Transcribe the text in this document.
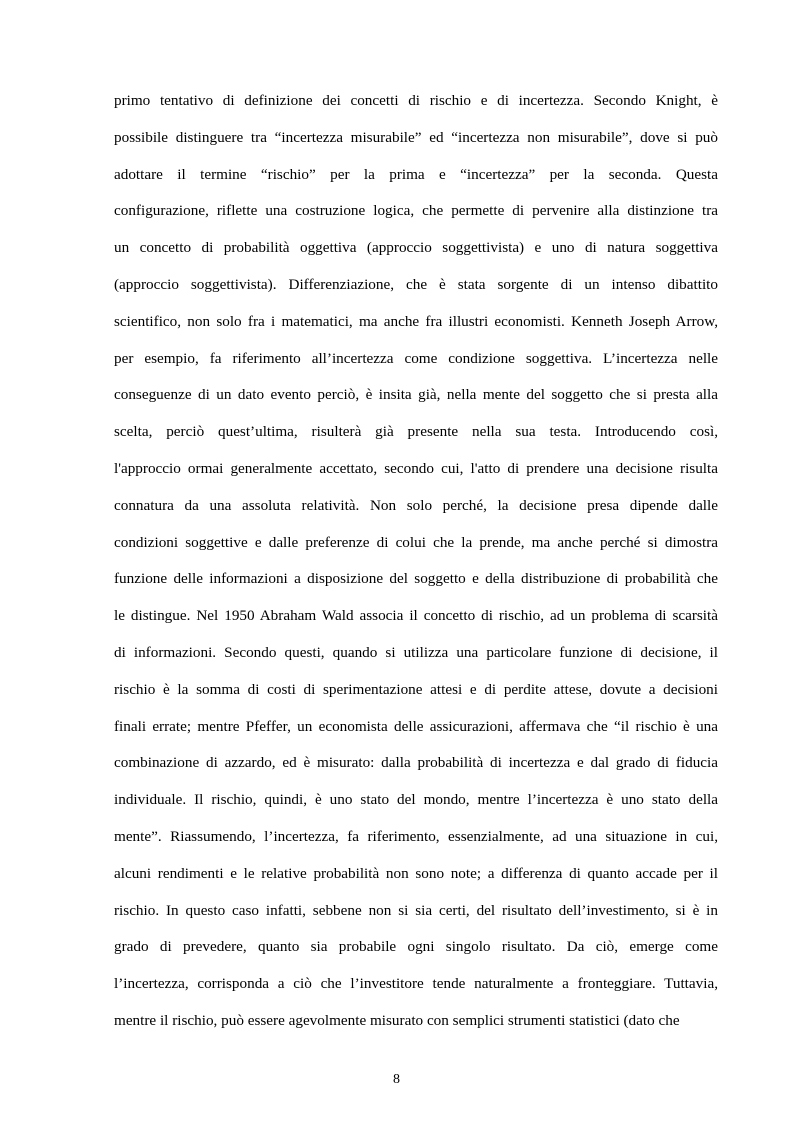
primo tentativo di definizione dei concetti di rischio e di incertezza. Secondo Knight, è
possibile distinguere tra “incertezza misurabile” ed “incertezza non misurabile”, dove si può
adottare il termine “rischio” per la prima e “incertezza” per la seconda. Questa
configurazione, riflette una costruzione logica, che permette di pervenire alla distinzione tra
un concetto di probabilità oggettiva (approccio soggettivista) e uno di natura soggettiva
(approccio soggettivista). Differenziazione, che è stata sorgente di un intenso dibattito
scientifico, non solo fra i matematici, ma anche fra illustri economisti. Kenneth Joseph Arrow,
per esempio, fa riferimento all’incertezza come condizione soggettiva. L’incertezza nelle
conseguenze di un dato evento perciò, è insita già, nella mente del soggetto che si presta alla
scelta, perciò quest’ultima, risulterà già presente nella sua testa. Introducendo così,
l'approccio ormai generalmente accettato, secondo cui, l'atto di prendere una decisione risulta
connatura da una assoluta relatività. Non solo perché, la decisione presa dipende dalle
condizioni soggettive e dalle preferenze di colui che la prende, ma anche perché si dimostra
funzione delle informazioni a disposizione del soggetto e della distribuzione di probabilità che
le distingue. Nel 1950 Abraham Wald associa il concetto di rischio, ad un problema di scarsità
di informazioni. Secondo questi, quando si utilizza una particolare funzione di decisione, il
rischio è la somma di costi di sperimentazione attesi e di perdite attese, dovute a decisioni
finali errate; mentre Pfeffer, un economista delle assicurazioni, affermava che “il rischio è una
combinazione di azzardo, ed è misurato: dalla probabilità di incertezza e dal grado di fiducia
individuale. Il rischio, quindi, è uno stato del mondo, mentre l’incertezza è uno stato della
mente”. Riassumendo, l’incertezza, fa riferimento, essenzialmente, ad una situazione in cui,
alcuni rendimenti e le relative probabilità non sono note; a differenza di quanto accade per il
rischio. In questo caso infatti, sebbene non si sia certi, del risultato dell’investimento, si è in
grado di prevedere, quanto sia probabile ogni singolo risultato. Da ciò, emerge come
l’incertezza, corrisponda a ciò che l’investitore tende naturalmente a fronteggiare. Tuttavia,
mentre il rischio, può essere agevolmente misurato con semplici strumenti statistici (dato che
8
